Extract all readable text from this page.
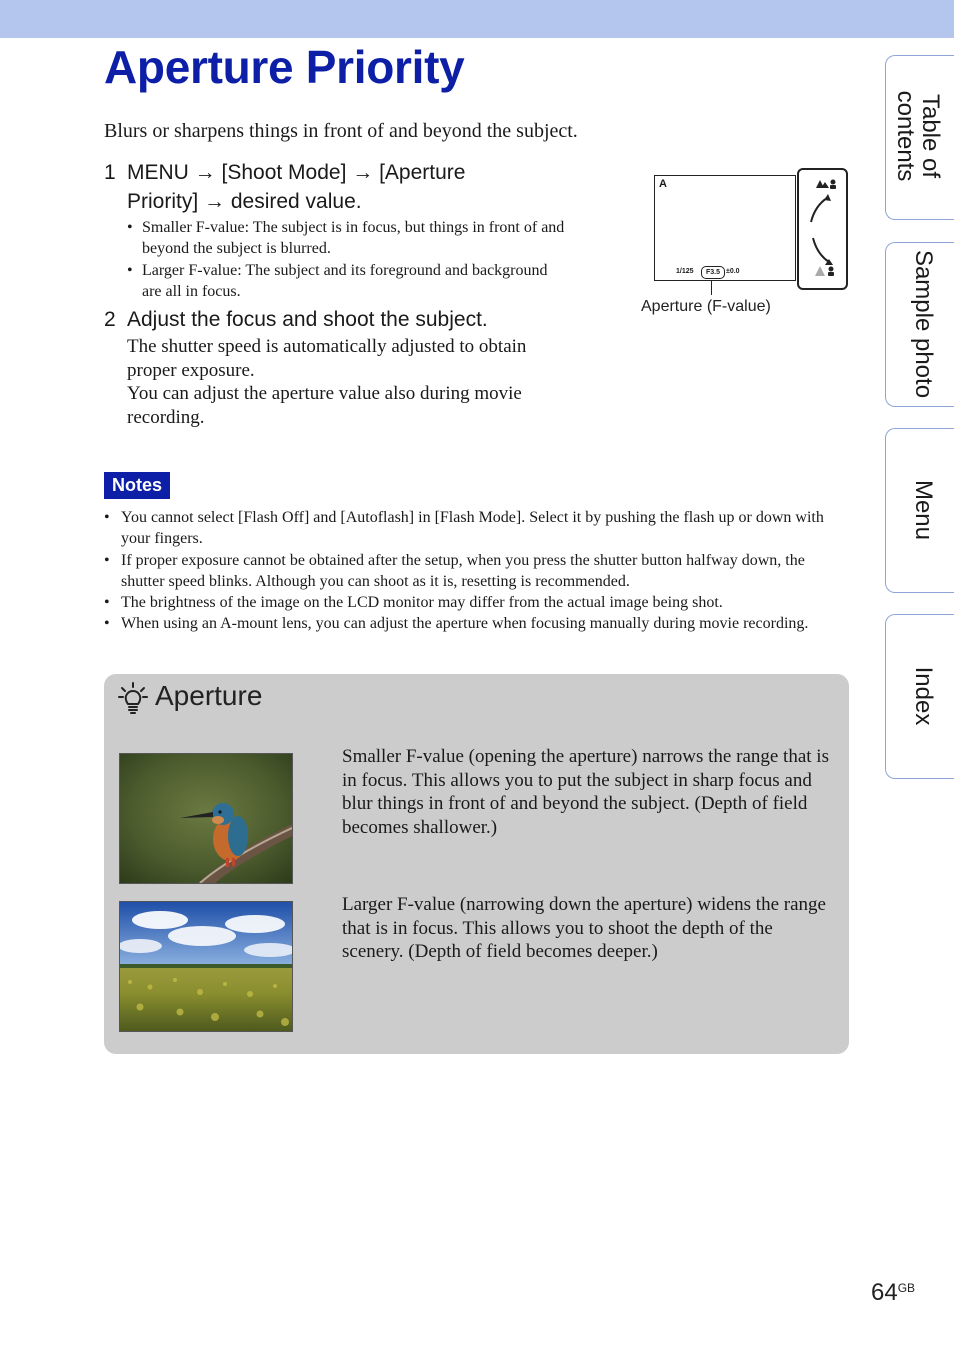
Aperture Priority
Blurs or sharpens things in front of and beyond the subject.
1 MENU → [Shoot Mode] → [Aperture Priority] → desired value.
• Smaller F-value: The subject is in focus, but things in front of and beyond the subject is blurred.
• Larger F-value: The subject and its foreground and background are all in focus.
2 Adjust the focus and shoot the subject.
The shutter speed is automatically adjusted to obtain proper exposure.
You can adjust the aperture value also during movie recording.
A
1/125	F3.5 ±0.0
Aperture (F-value)
Notes
• You cannot select [Flash Off] and [Autoflash] in [Flash Mode]. Select it by pushing the flash up or down with your fingers.
• If proper exposure cannot be obtained after the setup, when you press the shutter button halfway down, the shutter speed blinks. Although you can shoot as it is, resetting is recommended.
• The brightness of the image on the LCD monitor may differ from the actual image being shot.
• When using an A-mount lens, you can adjust the aperture when focusing manually during movie recording.
Aperture
Smaller F-value (opening the aperture) narrows the range that is in focus. This allows you to put the subject in sharp focus and blur things in front of and beyond the subject. (Depth of field becomes shallower.)
Larger F-value (narrowing down the aperture) widens the range that is in focus. This allows you to shoot the depth of the scenery. (Depth of field becomes deeper.)
Table of contents
Sample photo
Menu
Index
$64^{GB}$
